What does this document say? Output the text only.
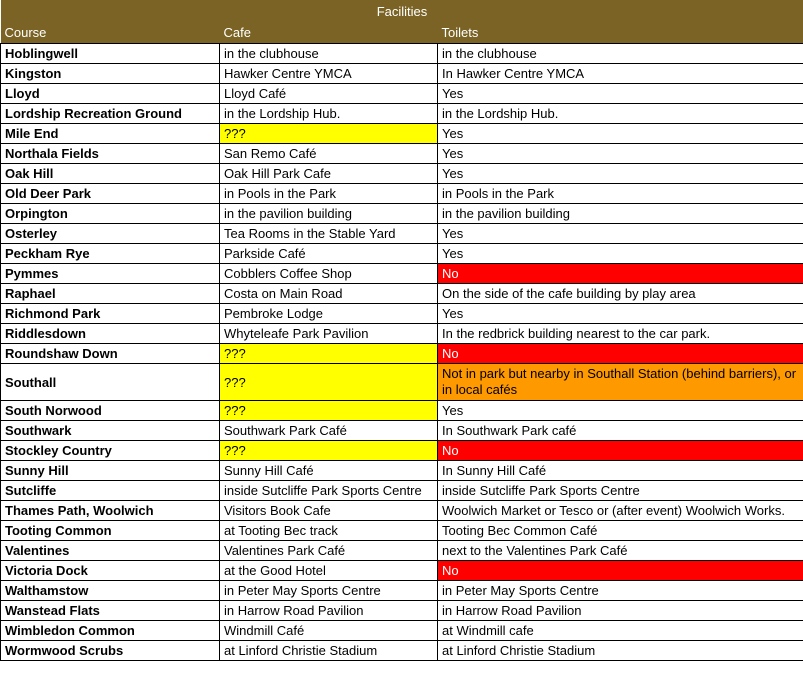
Facilities		
Course	Cafe	Toilets
Hoblingwell	in the clubhouse	in the clubhouse
Kingston	Hawker Centre YMCA	In Hawker Centre YMCA
Lloyd	Lloyd Café	Yes
Lordship Recreation Ground	in the Lordship Hub.	in the Lordship Hub.
Mile End	???	Yes
Northala Fields	San Remo Café	Yes
Oak Hill	Oak Hill Park Cafe	Yes
Old Deer Park	in Pools in the Park	in Pools in the Park
Orpington	in the pavilion building	in the pavilion building
Osterley	Tea Rooms in the Stable Yard	Yes
Peckham Rye	Parkside Café	Yes
Pymmes	Cobblers Coffee Shop	No
Raphael	Costa on Main Road	On the side of the cafe building by play area
Richmond Park	Pembroke Lodge	Yes
Riddlesdown	Whyteleafe Park Pavilion	In the redbrick building nearest to the car park.
Roundshaw Down	???	No
Southall	???	Not in park but nearby in Southall Station (behind barriers), or in local cafés
South Norwood	???	Yes
Southwark	Southwark Park Café	In Southwark Park café
Stockley Country	???	No
Sunny Hill	Sunny Hill Café	In Sunny Hill Café
Sutcliffe	inside Sutcliffe Park Sports Centre	inside Sutcliffe Park Sports Centre
Thames Path, Woolwich	Visitors Book Cafe	Woolwich Market or Tesco or (after event) Woolwich Works.
Tooting Common	at Tooting Bec track	Tooting Bec Common Café
Valentines	Valentines Park Café	next to the Valentines Park Café
Victoria Dock	at the Good Hotel	No
Walthamstow	in Peter May Sports Centre	in Peter May Sports Centre
Wanstead Flats	in Harrow Road Pavilion	in Harrow Road Pavilion
Wimbledon Common	Windmill Café	at Windmill cafe
Wormwood Scrubs	at Linford Christie Stadium	at Linford Christie Stadium
